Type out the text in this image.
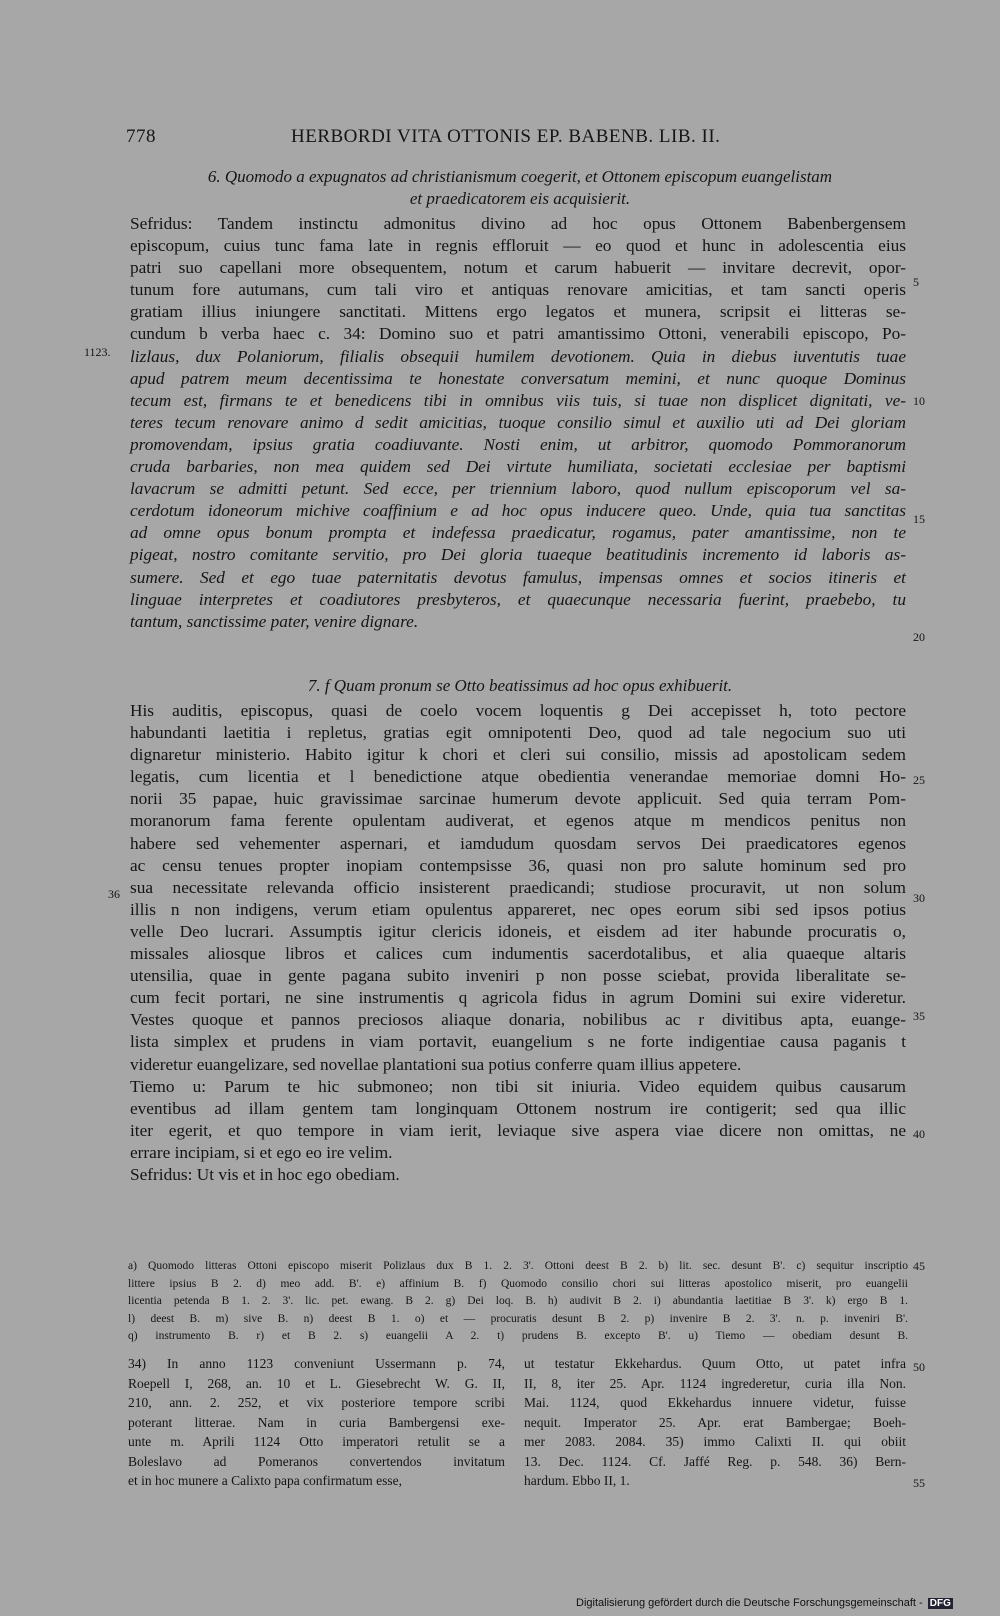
778	HERBORDI VITA OTTONIS EP. BABENB. LIB. II.
6. Quomodo a expugnatos ad christianismum coegerit, et Ottonem episcopum euangelistam
et praedicatorem eis acquisierit.
Sefridus: Tandem instinctu admonitus divino ad hoc opus Ottonem Babenbergensem
episcopum, cuius tunc fama late in regnis effloruit — eo quod et hunc in adolescentia eius
patri suo capellani more obsequentem, notum et carum habuerit — invitare decrevit, opor-
tunum fore autumans, cum tali viro et antiquas renovare amicitias, et tam sancti operis
gratiam illius iniungere sanctitati. Mittens ergo legatos et munera, scripsit ei litteras se-
cundum b verba haec c. 34: Domino suo et patri amantissimo Ottoni, venerabili episcopo, Po-
lizlaus, dux Polaniorum, filialis obsequii humilem devotionem. Quia in diebus iuventutis tuae
apud patrem meum decentissima te honestate conversatum memini, et nunc quoque Dominus
tecum est, firmans te et benedicens tibi in omnibus viis tuis, si tuae non displicet dignitati, ve-
teres tecum renovare animo d sedit amicitias, tuoque consilio simul et auxilio uti ad Dei gloriam
promovendam, ipsius gratia coadiuvante. Nosti enim, ut arbitror, quomodo Pommoranorum
cruda barbaries, non mea quidem sed Dei virtute humiliata, societati ecclesiae per baptismi
lavacrum se admitti petunt. Sed ecce, per triennium laboro, quod nullum episcoporum vel sa-
cerdotum idoneorum michive coaffinium e ad hoc opus inducere queo. Unde, quia tua sanctitas
ad omne opus bonum prompta et indefessa praedicatur, rogamus, pater amantissime, non te
pigeat, nostro comitante servitio, pro Dei gloria tuaeque beatitudinis incremento id laboris as-
sumere. Sed et ego tuae paternitatis devotus famulus, impensas omnes et socios itineris et
linguae interpretes et coadiutores presbyteros, et quaecunque necessaria fuerint, praebebo, tu
tantum, sanctissime pater, venire dignare.
7. f Quam pronum se Otto beatissimus ad hoc opus exhibuerit.
His auditis, episcopus, quasi de coelo vocem loquentis g Dei accepisset h, toto pectore
habundanti laetitia i repletus, gratias egit omnipotenti Deo, quod ad tale negocium suo uti
dignaretur ministerio. Habito igitur k chori et cleri sui consilio, missis ad apostolicam sedem
legatis, cum licentia et l benedictione atque obedientia venerandae memoriae domni Ho-
norii 35 papae, huic gravissimae sarcinae humerum devote applicuit. Sed quia terram Pom-
moranorum fama ferente opulentam audiverat, et egenos atque m mendicos penitus non
habere sed vehementer aspernari, et iamdudum quosdam servos Dei praedicatores egenos
ac censu tenues propter inopiam contempsisse 36, quasi non pro salute hominum sed pro
sua necessitate relevanda officio insisterent praedicandi; studiose procuravit, ut non solum
illis n non indigens, verum etiam opulentus appareret, nec opes eorum sibi sed ipsos potius
velle Deo lucrari. Assumptis igitur clericis idoneis, et eisdem ad iter habunde procuratis o,
missales aliosque libros et calices cum indumentis sacerdotalibus, et alia quaeque altaris
utensilia, quae in gente pagana subito inveniri p non posse sciebat, provida liberalitate se-
cum fecit portari, ne sine instrumentis q agricola fidus in agrum Domini sui exire videretur.
Vestes quoque et pannos preciosos aliaque donaria, nobilibus ac r divitibus apta, euange-
lista simplex et prudens in viam portavit, euangelium s ne forte indigentiae causa paganis t
videretur euangelizare, sed novellae plantationi sua potius conferre quam illius appetere.
Tiemo u: Parum te hic submoneo; non tibi sit iniuria. Video equidem quibus causarum
eventibus ad illam gentem tam longinquam Ottonem nostrum ire contigerit; sed qua illic
iter egerit, et quo tempore in viam ierit, leviaque sive aspera viae dicere non omittas, ne
errare incipiam, si et ego eo ire velim.
Sefridus: Ut vis et in hoc ego obediam.
5
10
15
20
25
30
35
40
45
50
55
1123.
36
a) Quomodo litteras Ottoni episcopo miserit Polizlaus dux B 1. 2. 3'. Ottoni deest B 2. b) lit. sec. desunt B'. c) sequitur inscriptio
littere ipsius B 2. d) meo add. B'. e) affinium B. f) Quomodo consilio chori sui litteras apostolico miserit, pro euangelii
licentia petenda B 1. 2. 3'. lic. pet. ewang. B 2. g) Dei loq. B. h) audivit B 2. i) abundantia laetitiae B 3'. k) ergo B 1.
l) deest B. m) sive B. n) deest B 1. o) et — procuratis desunt B 2. p) invenire B 2. 3'. n. p. inveniri B'.
q) instrumento B. r) et B 2. s) euangelii A 2. t) prudens B. excepto B'. u) Tiemo — obediam desunt B.
34) In anno 1123 conveniunt Ussermann p. 74,
Roepell I, 268, an. 10 et L. Giesebrecht W. G. II,
210, ann. 2. 252, et vix posteriore tempore scribi
poterant litterae. Nam in curia Bambergensi exe-
unte m. Aprili 1124 Otto imperatori retulit se a
Boleslavo ad Pomeranos convertendos invitatum
et in hoc munere a Calixto papa confirmatum esse,
ut testatur Ekkehardus. Quum Otto, ut patet infra
II, 8, iter 25. Apr. 1124 ingrederetur, curia illa Non.
Mai. 1124, quod Ekkehardus innuere videtur, fuisse
nequit. Imperator 25. Apr. erat Bambergae; Boeh-
mer 2083. 2084. 35) immo Calixti II. qui obiit
13. Dec. 1124. Cf. Jaffé Reg. p. 548. 36) Bern-
hardum. Ebbo II, 1.
Digitalisierung gefördert durch die Deutsche Forschungsgemeinschaft - DFG
